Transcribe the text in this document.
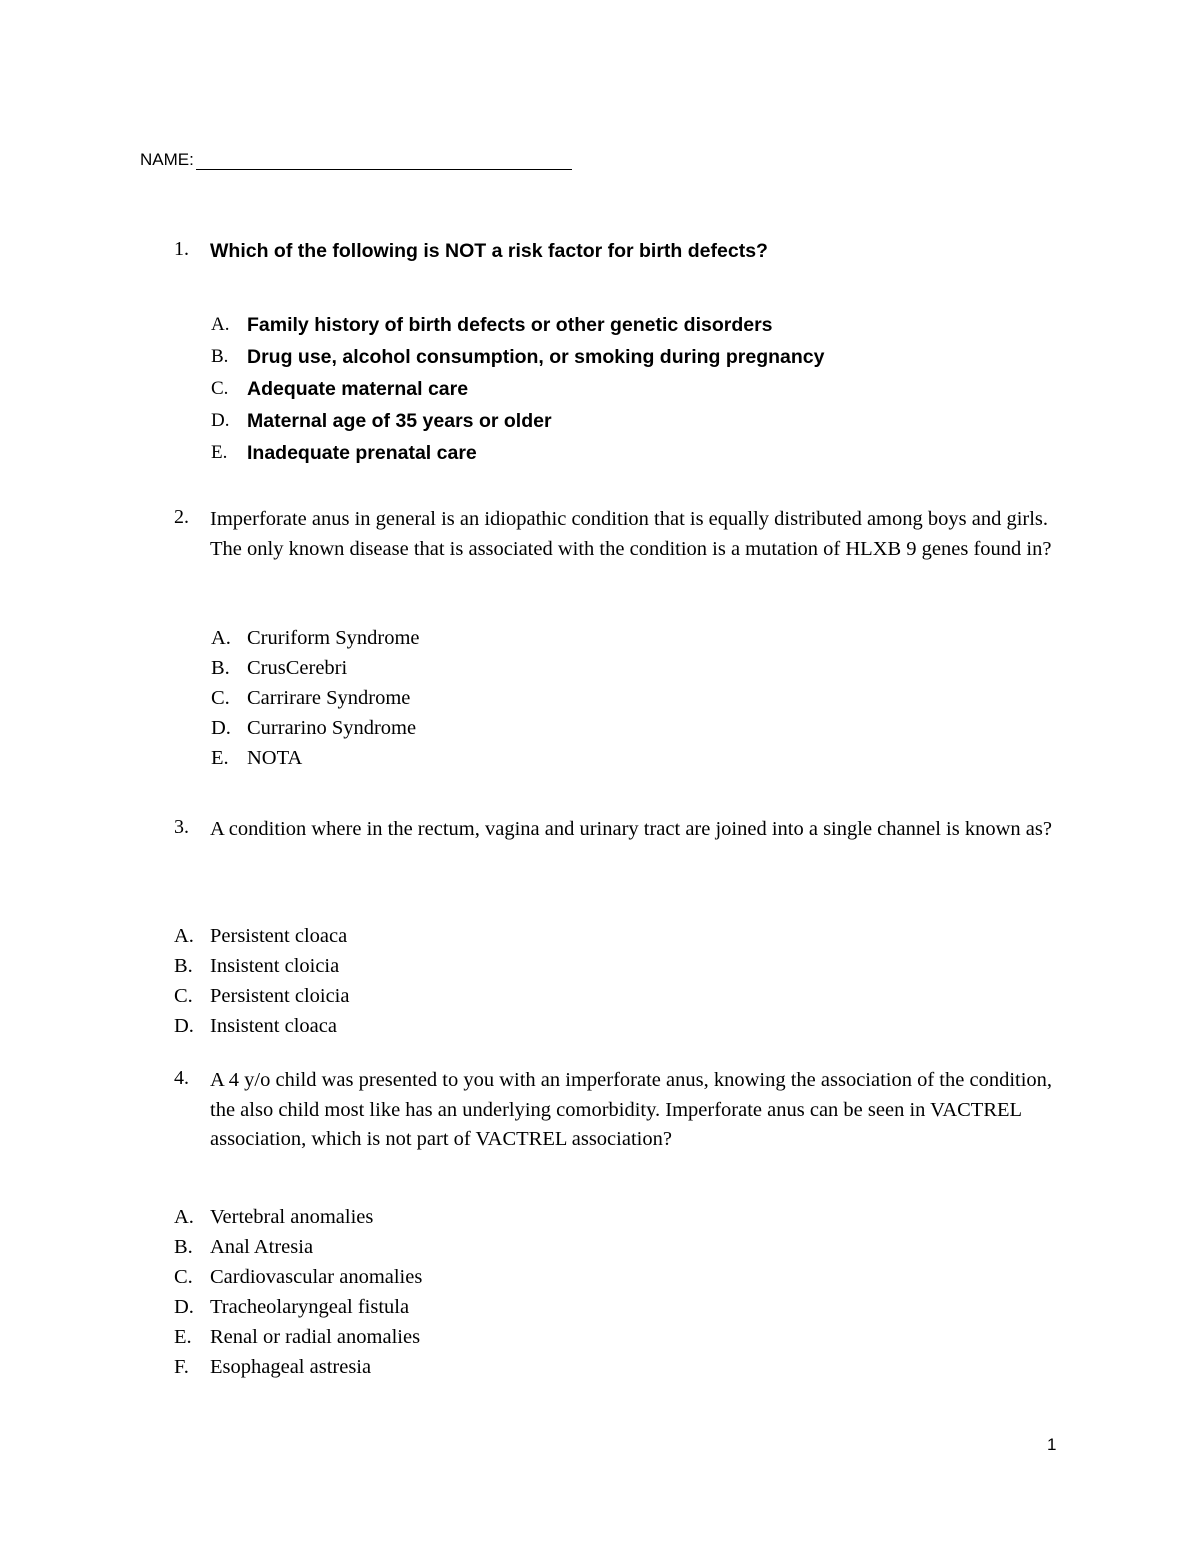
NAME:
1. Which of the following is NOT a risk factor for birth defects?
A. Family history of birth defects or other genetic disorders
B. Drug use, alcohol consumption, or smoking during pregnancy
C. Adequate maternal care
D. Maternal age of 35 years or older
E. Inadequate prenatal care
2. Imperforate anus in general is an idiopathic condition that is equally distributed among boys and girls. The only known disease that is associated with the condition is a mutation of HLXB 9 genes found in?
A. Cruriform Syndrome
B. CrusCerebri
C. Carrirare Syndrome
D. Currarino Syndrome
E. NOTA
3. A condition where in the rectum, vagina and urinary tract are joined into a single channel is known as?
A. Persistent cloaca
B. Insistent cloicia
C. Persistent cloicia
D. Insistent cloaca
4. A 4 y/o child was presented to you with an imperforate anus, knowing the association of the condition, the also child most like has an underlying comorbidity. Imperforate anus can be seen in VACTREL association, which is not part of VACTREL association?
A. Vertebral anomalies
B. Anal Atresia
C. Cardiovascular anomalies
D. Tracheolaryngeal fistula
E. Renal or radial anomalies
F. Esophageal astresia
1
